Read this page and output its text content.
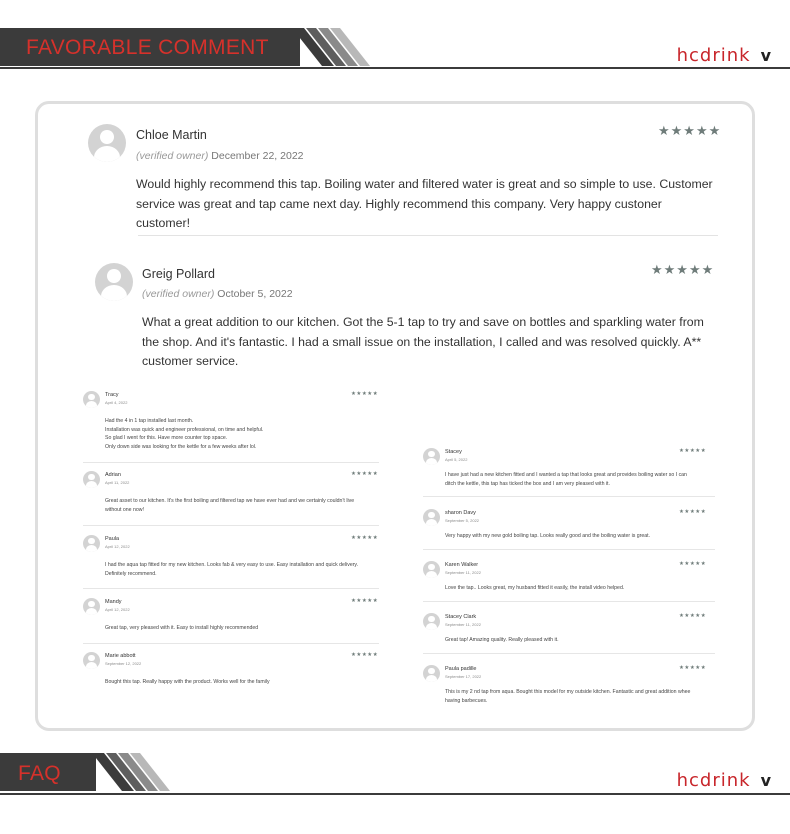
FAVORABLE COMMENT	hcdrink v
Chloe Martin
(verified owner) December 22, 2022
★★★★★

Would highly recommend this tap. Boiling water and filtered water is great and so simple to use. Customer service was great and tap came next day. Highly recommend this company. Very happy custoner customer!

Greig Pollard
(verified owner) October 5, 2022
★★★★★

What a great addition to our kitchen. Got the 5-1 tap to try and save on bottles and sparkling water from the shop. And it's fantastic. I had a small issue on the installation, I called and was resolved quickly. A** customer service.

Tracy
April 4, 2022
★★★★★
Had the 4 in 1 tap installed last month.
Installation was quick and engineer professional, on time and helpful.
So glad I went for this. Have more counter top space.
Only down side was looking for the kettle for a few weeks after lol.
Adrian
April 11, 2022
★★★★★
Great asset to our kitchen. It's the first boiling and filtered tap we have ever had and we certainly couldn't live
without one now!
Paula
April 12, 2022
★★★★★
I had the aqua tap fitted for my new kitchen. Looks fab & very easy to use. Easy installation and quick delivery.
Definitely recommend.
Mandy
April 12, 2022
★★★★★
Great tap, very pleased with it. Easy to install highly recommended
Marie abbott
September 12, 2022
★★★★★
Bought this tap. Really happy with the product. Works well for the family
Stacey
April 5, 2022
★★★★★
I have just had a new kitchen fitted and I wanted a tap that looks great and provides boiling water so I can
ditch the kettle, this tap has ticked the box and I am very pleased with it.
sharon Davy
September 5, 2022
★★★★★
Very happy with my new gold boiling tap. Looks really good and the boiling water is great.
Karen Walker
September 11, 2022
★★★★★
Love the tap.. Looks great, my husband fitted it easily, the install video helped.
Stacey Clark
September 11, 2022
★★★★★
Great tap! Amazing quality. Really pleased with it.
Paula padille
September 17, 2022
★★★★★
This is my 2 nd tap from aqua. Bought this model for my outside kitchen. Fantastic and great addition whee
having barbecues.
FAQ	hcdrink v
